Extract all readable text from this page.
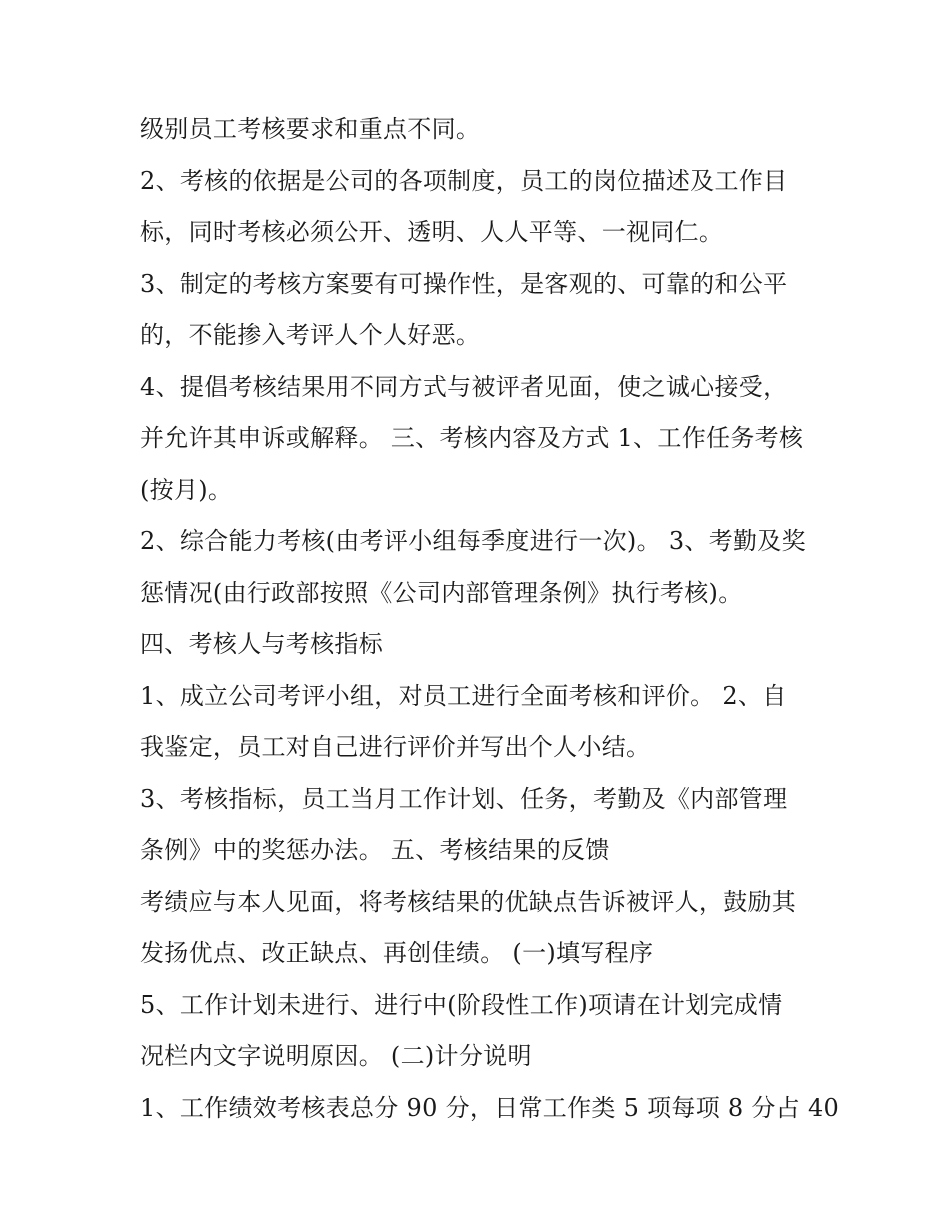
级别员工考核要求和重点不同。
2、考核的依据是公司的各项制度，员工的岗位描述及工作目
标，同时考核必须公开、透明、人人平等、一视同仁。
3、制定的考核方案要有可操作性，是客观的、可靠的和公平
的，不能掺入考评人个人好恶。
4、提倡考核结果用不同方式与被评者见面，使之诚心接受，
并允许其申诉或解释。 三、考核内容及方式 1、工作任务考核
(按月)。
2、综合能力考核(由考评小组每季度进行一次)。 3、考勤及奖
惩情况(由行政部按照《公司内部管理条例》执行考核)。
四、考核人与考核指标
1、成立公司考评小组，对员工进行全面考核和评价。 2、自
我鉴定，员工对自己进行评价并写出个人小结。
3、考核指标，员工当月工作计划、任务，考勤及《内部管理
条例》中的奖惩办法。 五、考核结果的反馈
考绩应与本人见面，将考核结果的优缺点告诉被评人，鼓励其
发扬优点、改正缺点、再创佳绩。 (一)填写程序
5、工作计划未进行、进行中(阶段性工作)项请在计划完成情
况栏内文字说明原因。 (二)计分说明
1、工作绩效考核表总分 90 分，日常工作类 5 项每项 8 分占 40
